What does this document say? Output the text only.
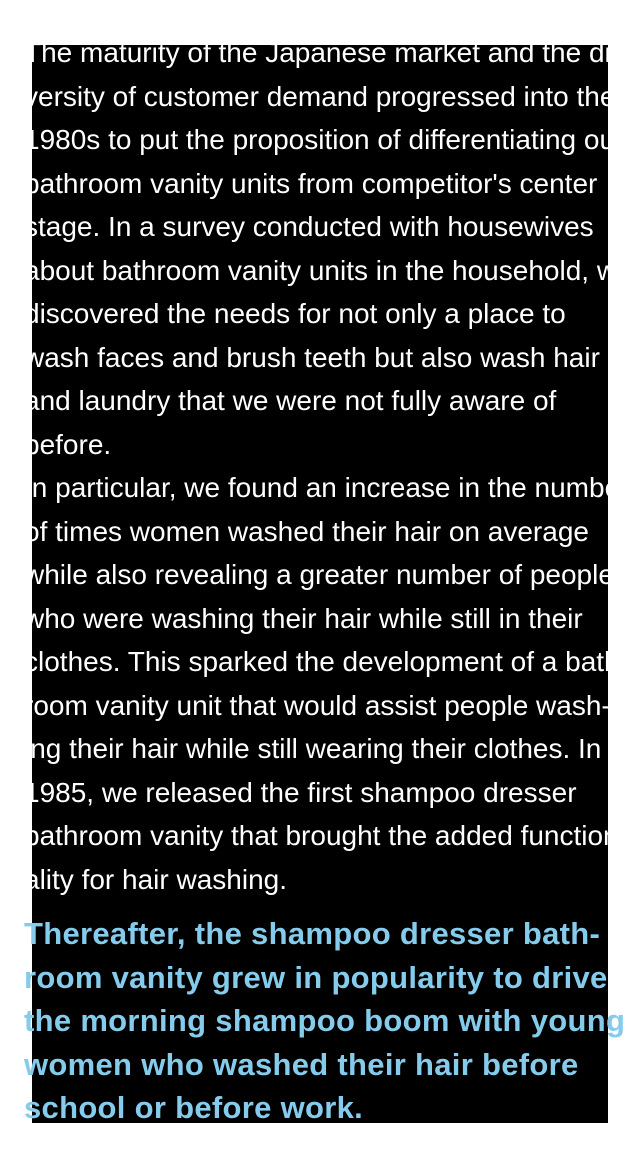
The maturity of the Japanese market and the di-
versity of customer demand progressed into the
1980s to put the proposition of differentiating our
bathroom vanity units from competitor's center
stage. In a survey conducted with housewives
about bathroom vanity units in the household, we
discovered the needs for not only a place to
wash faces and brush teeth but also wash hair
and laundry that we were not fully aware of
before.
In particular, we found an increase in the number
of times women washed their hair on average
while also revealing a greater number of people
who were washing their hair while still in their
clothes. This sparked the development of a bath-
room vanity unit that would assist people wash-
ing their hair while still wearing their clothes. In
1985, we released the first shampoo dresser
bathroom vanity that brought the added function-
ality for hair washing.
Thereafter, the shampoo dresser bath-
room vanity grew in popularity to drive
the morning shampoo boom with young
women who washed their hair before
school or before work.
